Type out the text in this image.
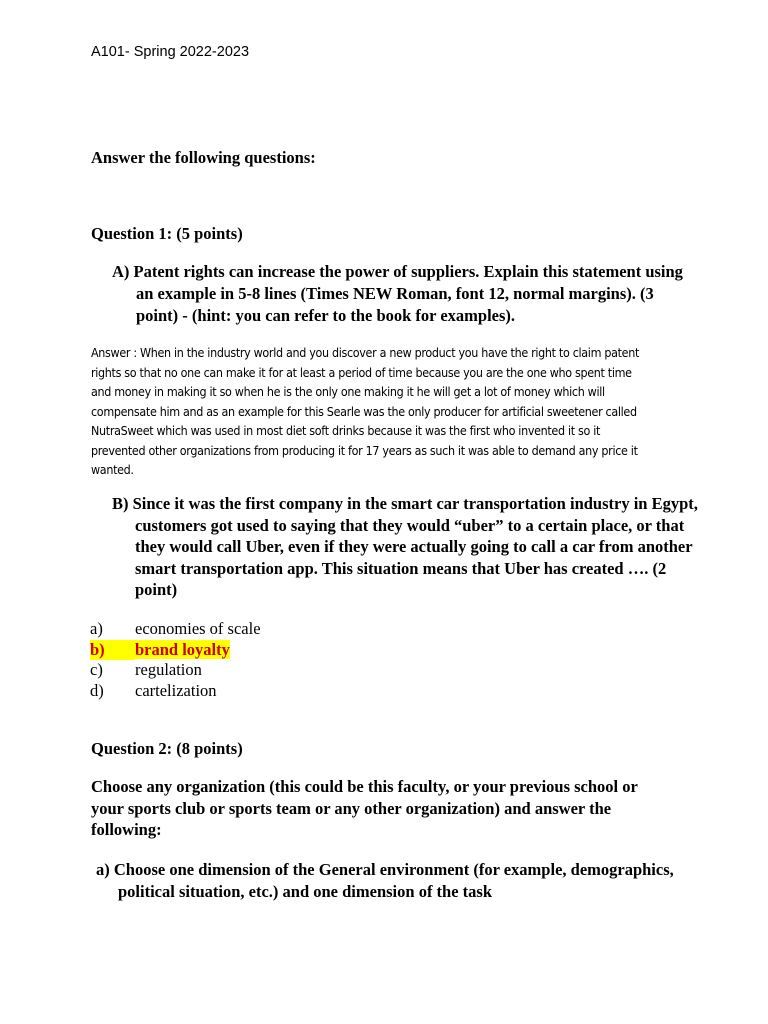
A101- Spring 2022-2023
Answer the following questions:
Question 1: (5 points)
A) Patent rights can increase the power of suppliers. Explain this statement using an example in 5-8 lines (Times NEW Roman, font 12, normal margins). (3 point) - (hint: you can refer to the book for examples).
Answer : When in the industry world and you discover a new product you have the right to claim patent rights so that no one can make it for at least a period of time because you are the one who spent time and money in making it so when he is the only one making it he will get a lot of money which will compensate him and as an example for this Searle was the only producer for artificial sweetener called NutraSweet which was used in most diet soft drinks because it was the first who invented it so it prevented other organizations from producing it for 17 years as such it was able to demand any price it wanted.
B) Since it was the first company in the smart car transportation industry in Egypt, customers got used to saying that they would “uber” to a certain place, or that they would call Uber, even if they were actually going to call a car from another smart transportation app. This situation means that Uber has created …. (2 point)
a) economies of scale
b) brand loyalty
c) regulation
d) cartelization
Question 2: (8 points)
Choose any organization (this could be this faculty, or your previous school or your sports club or sports team or any other organization) and answer the following:
a) Choose one dimension of the General environment (for example, demographics, political situation, etc.) and one dimension of the task
